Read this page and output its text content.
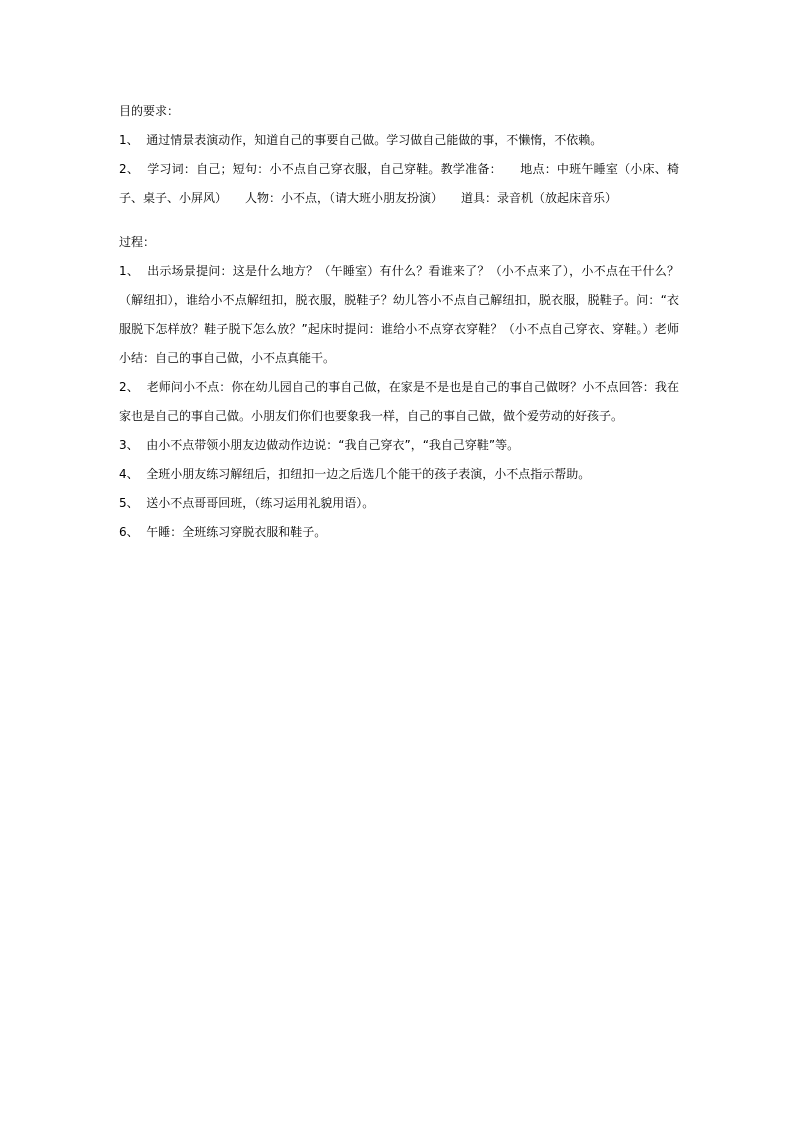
目的要求：

1、 通过情景表演动作，知道自己的事要自己做。学习做自己能做的事，不懒惰，不依赖。

2、 学习词：自己；短句：小不点自己穿衣服，自己穿鞋。教学准备：　　地点：中班午睡室（小床、椅子、桌子、小屏风）　　人物：小不点，（请大班小朋友扮演）　　道具：录音机（放起床音乐）

过程：

1、 出示场景提问：这是什么地方？（午睡室）有什么？看谁来了？（小不点来了），小不点在干什么？（解纽扣），谁给小不点解纽扣，脱衣服，脱鞋子？幼儿答小不点自己解纽扣，脱衣服，脱鞋子。问：“衣服脱下怎样放？鞋子脱下怎么放？”起床时提问：谁给小不点穿衣穿鞋？（小不点自己穿衣、穿鞋。）老师小结：自己的事自己做，小不点真能干。

2、 老师问小不点：你在幼儿园自己的事自己做，在家是不是也是自己的事自己做呀？小不点回答：我在家也是自己的事自己做。小朋友们你们也要象我一样，自己的事自己做，做个爱劳动的好孩子。

3、 由小不点带领小朋友边做动作边说：“我自己穿衣”，“我自己穿鞋”等。

4、 全班小朋友练习解纽后，扣纽扣一边之后选几个能干的孩子表演，小不点指示帮助。

5、 送小不点哥哥回班，（练习运用礼貌用语）。

6、 午睡：全班练习穿脱衣服和鞋子。
